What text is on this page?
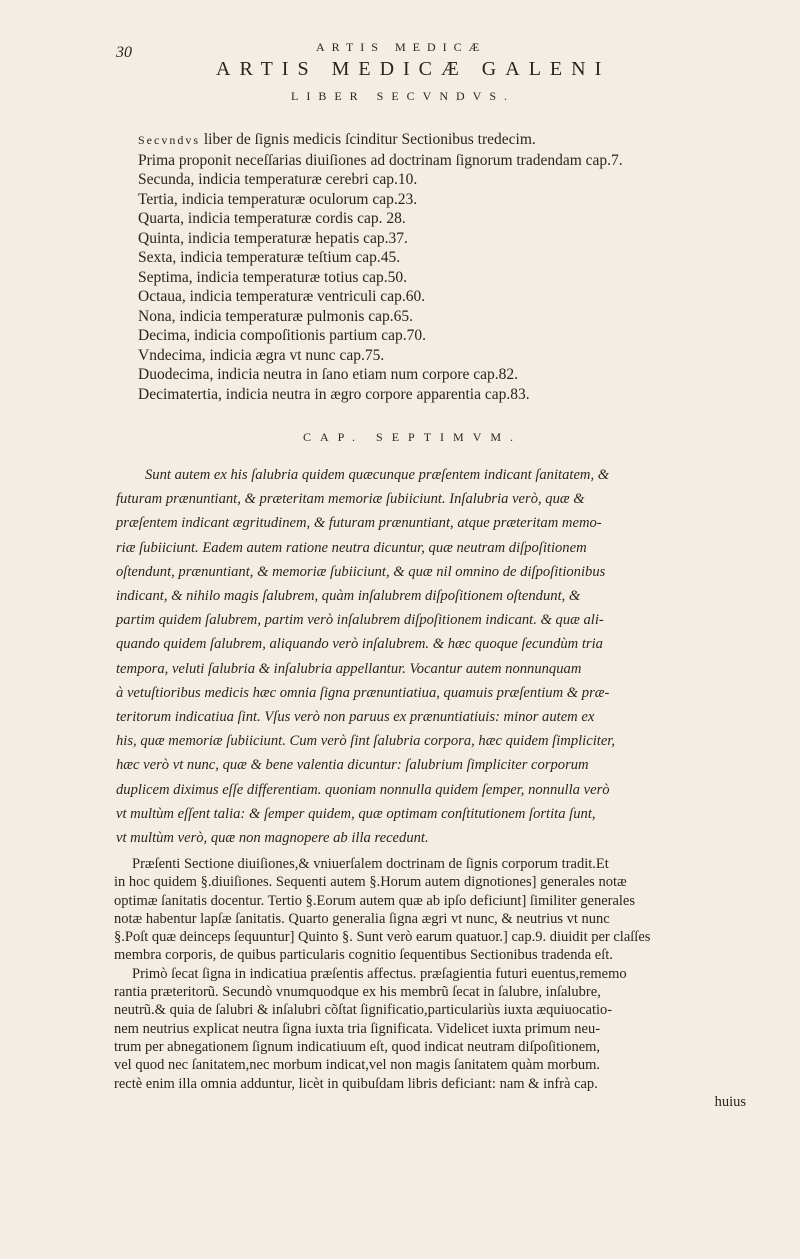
30	ARTIS MEDICÆ
ARTIS MEDICÆ GALENI
LIBER SECVNDVS.
Secvndvs liber de ſignis medicis ſcinditur Sectionibus tredecim.
Prima proponit neceſſarias diuiſiones ad doctrinam ſignorum tradendam cap.7.
Secunda, indicia temperaturæ cerebri cap.10.
Tertia, indicia temperaturæ oculorum cap.23.
Quarta, indicia temperaturæ cordis cap. 28.
Quinta, indicia temperaturæ hepatis cap.37.
Sexta, indicia temperaturæ teſtium cap.45.
Septima, indicia temperaturæ totius cap.50.
Octaua, indicia temperaturæ ventriculi cap.60.
Nona, indicia temperaturæ pulmonis cap.65.
Decima, indicia compoſitionis partium cap.70.
Vndecima, indicia ægra vt nunc cap.75.
Duodecima, indicia neutra in ſano etiam num corpore cap.82.
Decimatertia, indicia neutra in ægro corpore apparentia cap.83.
CAP. SEPTIMVM.
Sunt autem ex his ſalubria quidem quæcunque præſentem indicant ſanitatem, &
futuram prænuntiant, & præteritam memoriæ ſubiiciunt. Inſalubria verò, quæ &
præſentem indicant ægritudinem, & futuram prænuntiant, atque præteritam memo-
riæ ſubiiciunt. Eadem autem ratione neutra dicuntur, quæ neutram diſpoſitionem
oſtendunt, prænuntiant, & memoriæ ſubiiciunt, & quæ nil omnino de diſpoſitionibus
indicant, & nihilo magis ſalubrem, quàm inſalubrem diſpoſitionem oſtendunt, &
partim quidem ſalubrem, partim verò inſalubrem diſpoſitionem indicant. & quæ ali-
quando quidem ſalubrem, aliquando verò inſalubrem. & hæc quoque ſecundùm tria
tempora, veluti ſalubria & inſalubria appellantur. Vocantur autem nonnunquam
à vetuſtioribus medicis hæc omnia ſigna prænuntiatiua, quamuis præſentium & præ-
teritorum indicatiua ſint. Vſus verò non paruus ex prænuntiatiuis: minor autem ex
his, quæ memoriæ ſubiiciunt. Cum verò ſint ſalubria corpora, hæc quidem ſimpliciter,
hæc verò vt nunc, quæ & bene valentia dicuntur: ſalubrium ſimpliciter corporum
duplicem diximus eſſe differentiam. quoniam nonnulla quidem ſemper, nonnulla verò
vt multùm eſſent talia: & ſemper quidem, quæ optimam conſtitutionem ſortita ſunt,
vt multùm verò, quæ non magnopere ab illa recedunt.
Præſenti Sectione diuiſiones,& vniuerſalem doctrinam de ſignis corporum tradit.Et
in hoc quidem §.diuiſiones. Sequenti autem §.Horum autem dignotiones] generales notæ
optimæ ſanitatis docentur. Tertio §.Eorum autem quæ ab ipſo deficiunt] ſimiliter generales
notæ habentur lapſæ ſanitatis. Quarto generalia ſigna ægri vt nunc, & neutrius vt nunc
§.Poſt quæ deinceps ſequuntur] Quinto §. Sunt verò earum quatuor.] cap.9. diuidit per claſſes
membra corporis, de quibus particularis cognitio ſequentibus Sectionibus tradenda eſt.
Primò ſecat ſigna in indicatiua præſentis affectus. præſagientia futuri euentus,rememo
rantia præteritorũ. Secundò vnumquodque ex his membrũ ſecat in ſalubre, inſalubre,
neutrũ.& quia de ſalubri & inſalubri cõſtat ſignificatio,particulariùs iuxta æquiuocatio-
nem neutrius explicat neutra ſigna iuxta tria ſignificata. Videlicet iuxta primum neu-
trum per abnegationem ſignum indicatiuum eſt, quod indicat neutram diſpoſitionem,
vel quod nec ſanitatem,nec morbum indicat,vel non magis ſanitatem quàm morbum.
rectè enim illa omnia adduntur, licèt in quibuſdam libris deficiant: nam & infrà cap.
huius
